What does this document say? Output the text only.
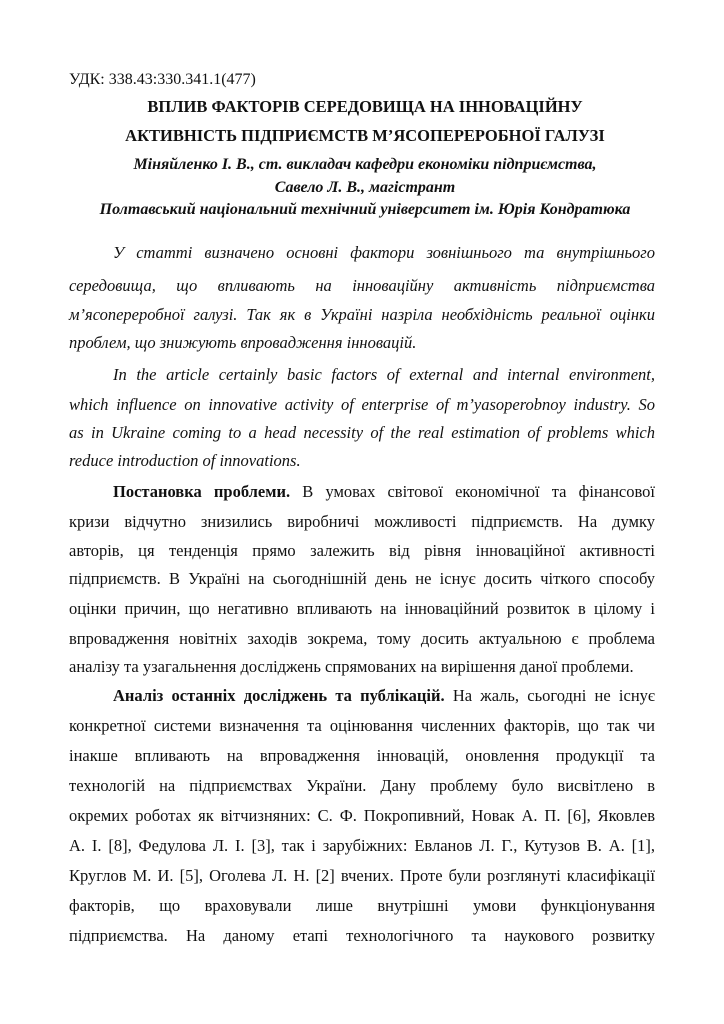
УДК: 338.43:330.341.1(477)
ВПЛИВ ФАКТОРІВ СЕРЕДОВИЩА НА ІННОВАЦІЙНУ
АКТИВНІСТЬ ПІДПРИЄМСТВ М’ЯСОПЕРЕРОБНОЇ ГАЛУЗІ
Міняйленко І. В., ст. викладач кафедри економіки підприємства,
Савело Л. В., магістрант
Полтавський національний технічний університет ім. Юрія Кондратюка
У статті визначено основні фактори зовнішнього та внутрішнього
середовища, що впливають на інноваційну активність підприємства
м’ясопереробної галузі. Так як в Україні назріла необхідність реальної оцінки
проблем, що знижують впровадження інновацій.
In the article certainly basic factors of external and internal environment,
which influence on innovative activity of enterprise of m’yasoperobnoy industry. So
as in Ukraine coming to a head necessity of the real estimation of problems which
reduce introduction of innovations.
Постановка проблеми. В умовах світової економічної та фінансової
кризи відчутно знизились виробничі можливості підприємств. На думку
авторів, ця тенденція прямо залежить від рівня інноваційної активності
підприємств. В Україні на сьогоднішній день не існує досить чіткого способу
оцінки причин, що негативно впливають на інноваційний розвиток в цілому і
впровадження новітніх заходів зокрема, тому досить актуальною є проблема
аналізу та узагальнення досліджень спрямованих на вирішення даної проблеми.
Аналіз останніх досліджень та публікацій. На жаль, сьогодні не існує
конкретної системи визначення та оцінювання численних факторів, що так чи
інакше впливають на впровадження інновацій, оновлення продукції та
технологій на підприємствах України. Дану проблему було висвітлено в
окремих роботах як вітчизняних: С. Ф. Покропивний, Новак А. П. [6], Яковлев
А. І. [8], Федулова Л. І. [3], так і зарубіжних: Евланов Л. Г., Кутузов В. А. [1],
Круглов М. И. [5], Оголева Л. Н. [2] вчених. Проте були розглянуті класифікації
факторів, що враховували лише внутрішні умови функціонування
підприємства. На даному етапі технологічного та наукового розвитку
